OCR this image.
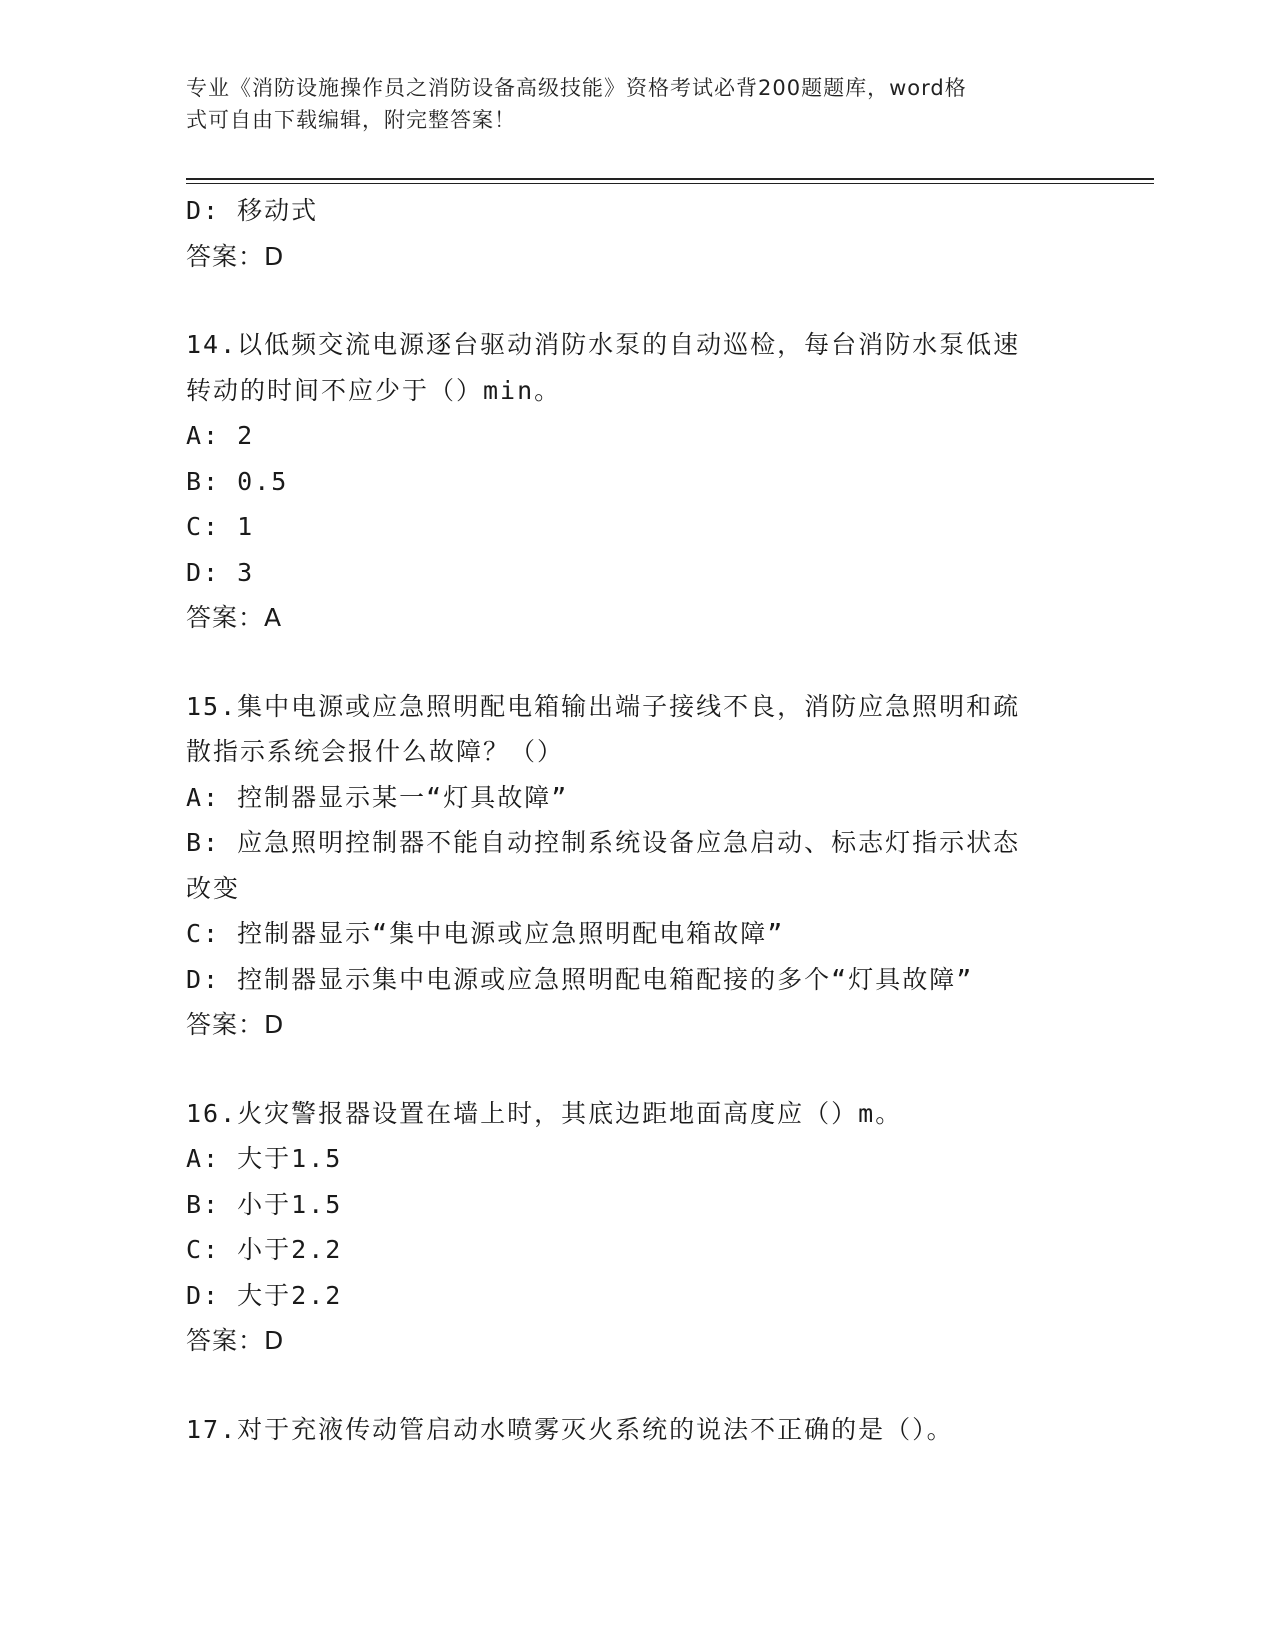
专业《消防设施操作员之消防设备高级技能》资格考试必背200题题库，word格

式可自由下载编辑，附完整答案！

D: 移动式

答案：D

14.以低频交流电源逐台驱动消防水泵的自动巡检，每台消防水泵低速

转动的时间不应少于（）min。

A: 2

B: 0.5

C: 1

D: 3

答案：A

15.集中电源或应急照明配电箱输出端子接线不良，消防应急照明和疏

散指示系统会报什么故障？（）

A: 控制器显示某一“灯具故障”

B: 应急照明控制器不能自动控制系统设备应急启动、标志灯指示状态

改变

C: 控制器显示“集中电源或应急照明配电箱故障”

D: 控制器显示集中电源或应急照明配电箱配接的多个“灯具故障”

答案：D

16.火灾警报器设置在墙上时，其底边距地面高度应（）m。

A: 大于1.5

B: 小于1.5

C: 小于2.2

D: 大于2.2

答案：D

17.对于充液传动管启动水喷雾灭火系统的说法不正确的是（）。
